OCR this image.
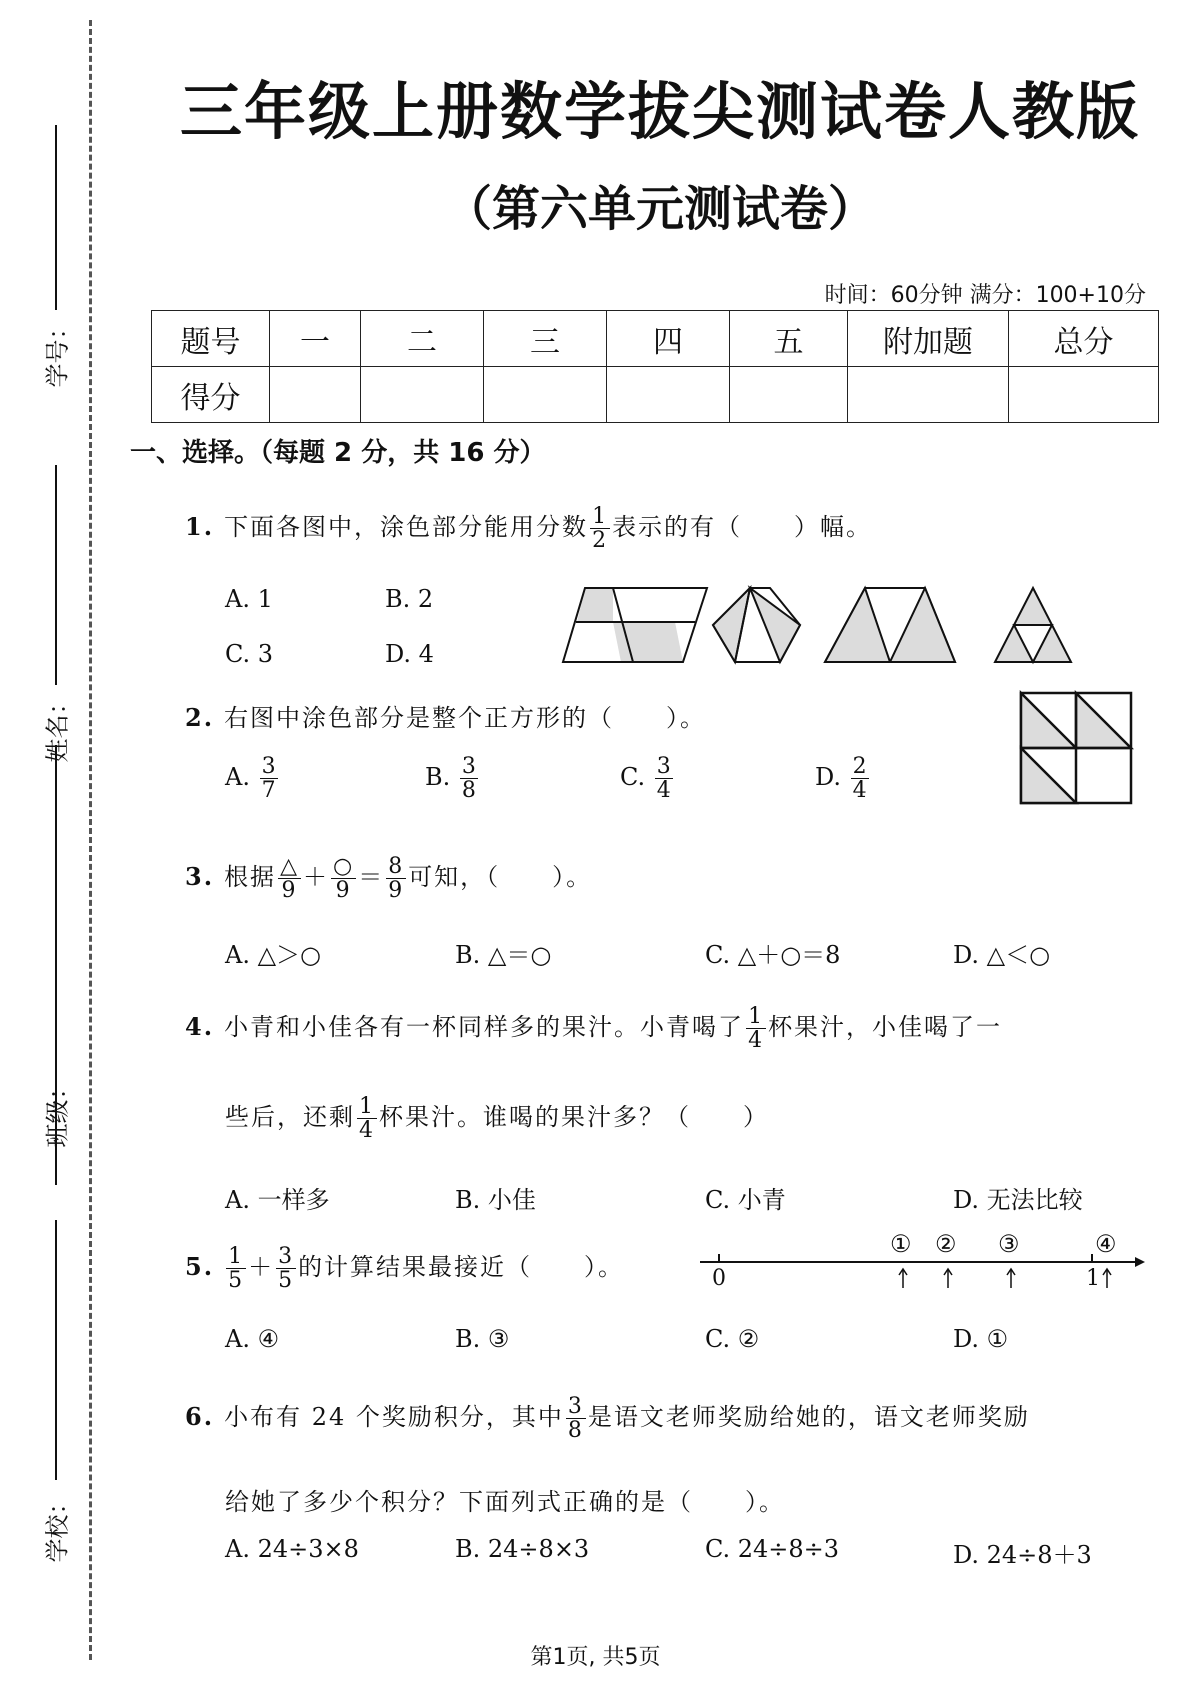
学号：
姓名：
班级：
学校：
三年级上册数学拔尖测试卷人教版
（第六单元测试卷）
时间：60分钟 满分：100+10分
题号	一	二	三	四	五	附加题	总分
得分							
一、选择。（每题 2 分，共 16 分）
1. 下面各图中，涂色部分能用分数 $\frac{1}{2}$ 表示的有（　　）幅。
A. 1	B. 2
C. 3	D. 4
2. 右图中涂色部分是整个正方形的（　　）。
A. $\frac{3}{7}$	B. $\frac{3}{8}$	C. $\frac{3}{4}$	D. $\frac{2}{4}$
3. 根据 $\frac{\triangle}{9} + \frac{○}{9} = \frac{8}{9}$ 可知，（　　）。
A. △＞○	B. △＝○	C. △＋○＝8	D. △＜○
4. 小青和小佳各有一杯同样多的果汁。小青喝了 $\frac{1}{4}$ 杯果汁，小佳喝了一
些后，还剩 $\frac{1}{4}$ 杯果汁。谁喝的果汁多？（　　）
A. 一样多	B. 小佳	C. 小青	D. 无法比较
5. $\frac{1}{5} + \frac{3}{5}$ 的计算结果最接近（　　）。	0	1
① ② ③	④
A. ④	B. ③	C. ②	D. ①
6. 小布有 24 个奖励积分，其中 $\frac{3}{8}$ 是语文老师奖励给她的，语文老师奖励
给她了多少个积分？下面列式正确的是（　　）。
A. 24÷3×8	B. 24÷8×3	C. 24÷8÷3	D. 24÷8＋3
第1页, 共5页
